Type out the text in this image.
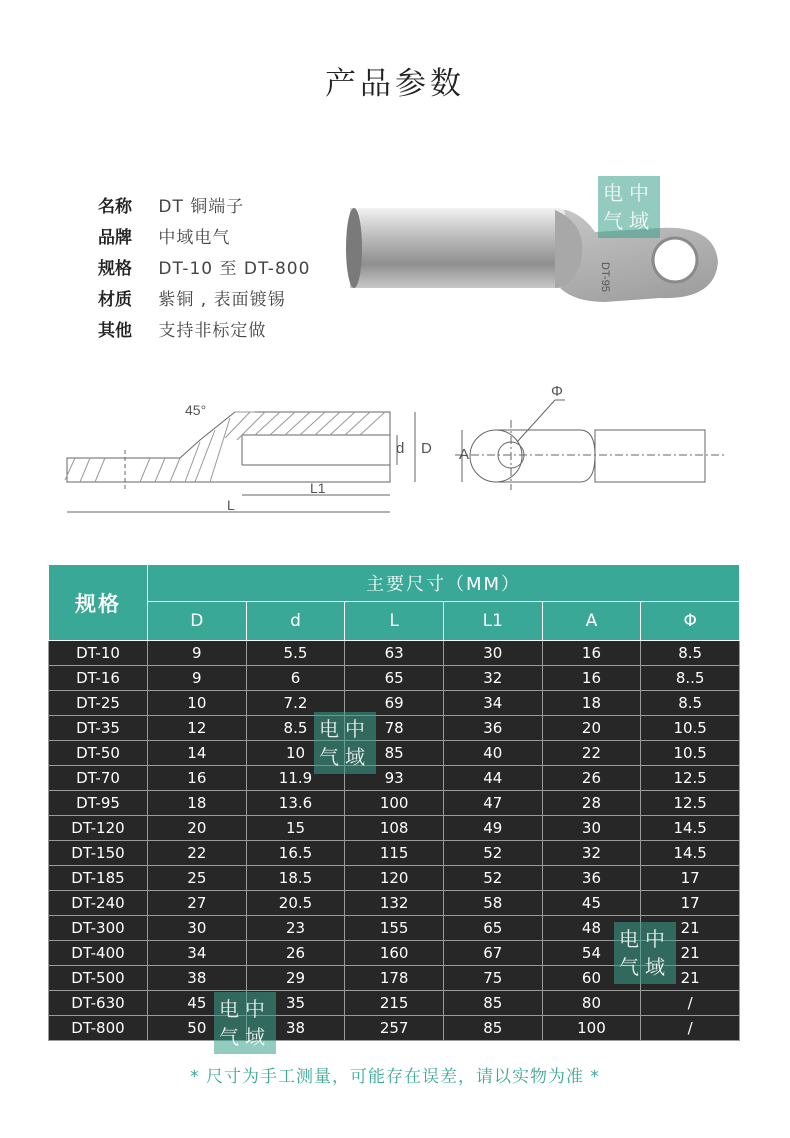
产品参数
名称 DT 铜端子
品牌 中域电气
规格 DT-10 至 DT-800
材质 紫铜 , 表面镀锡
其他 支持非标定做
DT-95
45°
d D
L1
L
A
Φ
规格	主要尺寸（MM）					
	D	d	L	L1	A	Φ
DT-10	9	5.5	63	30	16	8.5
DT-16	9	6	65	32	16	8..5
DT-25	10	7.2	69	34	18	8.5
DT-35	12	8.5	78	36	20	10.5
DT-50	14	10	85	40	22	10.5
DT-70	16	11.9	93	44	26	12.5
DT-95	18	13.6	100	47	28	12.5
DT-120	20	15	108	49	30	14.5
DT-150	22	16.5	115	52	32	14.5
DT-185	25	18.5	120	52	36	17
DT-240	27	20.5	132	58	45	17
DT-300	30	23	155	65	48	21
DT-400	34	26	160	67	54	21
DT-500	38	29	178	75	60	21
DT-630	45	35	215	85	80	/
DT-800	50	38	257	85	100	/
电中
气域
电中
气域
电中
气域
电中
气域
* 尺寸为手工测量，可能存在误差，请以实物为准 *
